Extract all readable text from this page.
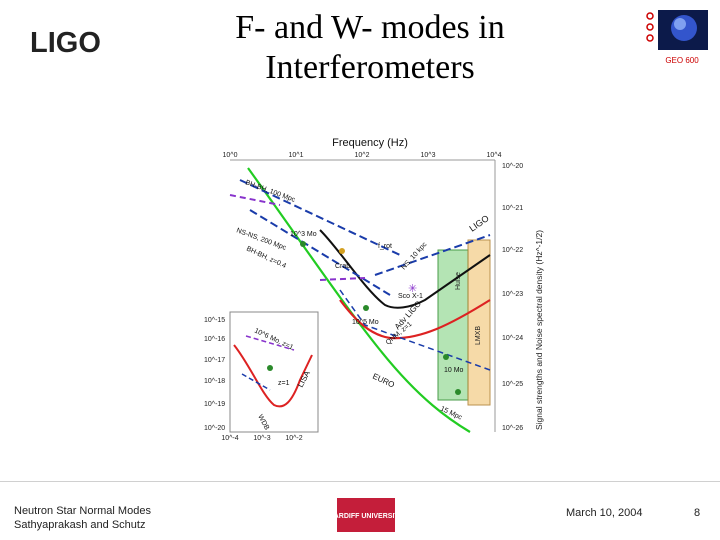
LIGO	F- and W- modes in
Interferometers	GEO 600
Frequency (Hz)
10^0	10^1	10^2	10^3	10^4
10^-20
10^-21
10^-22
10^-23
10^-24
10^-25
10^-26 Signal strengths and Noise spectral density (Hz^-1/2)
Hulse
LMXB
10^-15
10^-16
10^-17
10^-18
10^-19
10^-20
10^-4 10^-3 10^-2
✳
LIGO
Adv LIGO
EURO
LISA
WDB
15 Mpc
BH-BH, 100 Mpc
NS-NS, 200 Mpc
BH-BH, z=0.4	Crab
Sco X-1
QNM, z=1
NS, 10 kpc
10^3 Mo
10^5 Mo
10 Mo
10^6 Mo, z=1
z=1
f_rot
Neutron Star Normal Modes
Sathyaprakash and Schutz
CARDIFF UNIVERSITY	March 10, 2004	8
